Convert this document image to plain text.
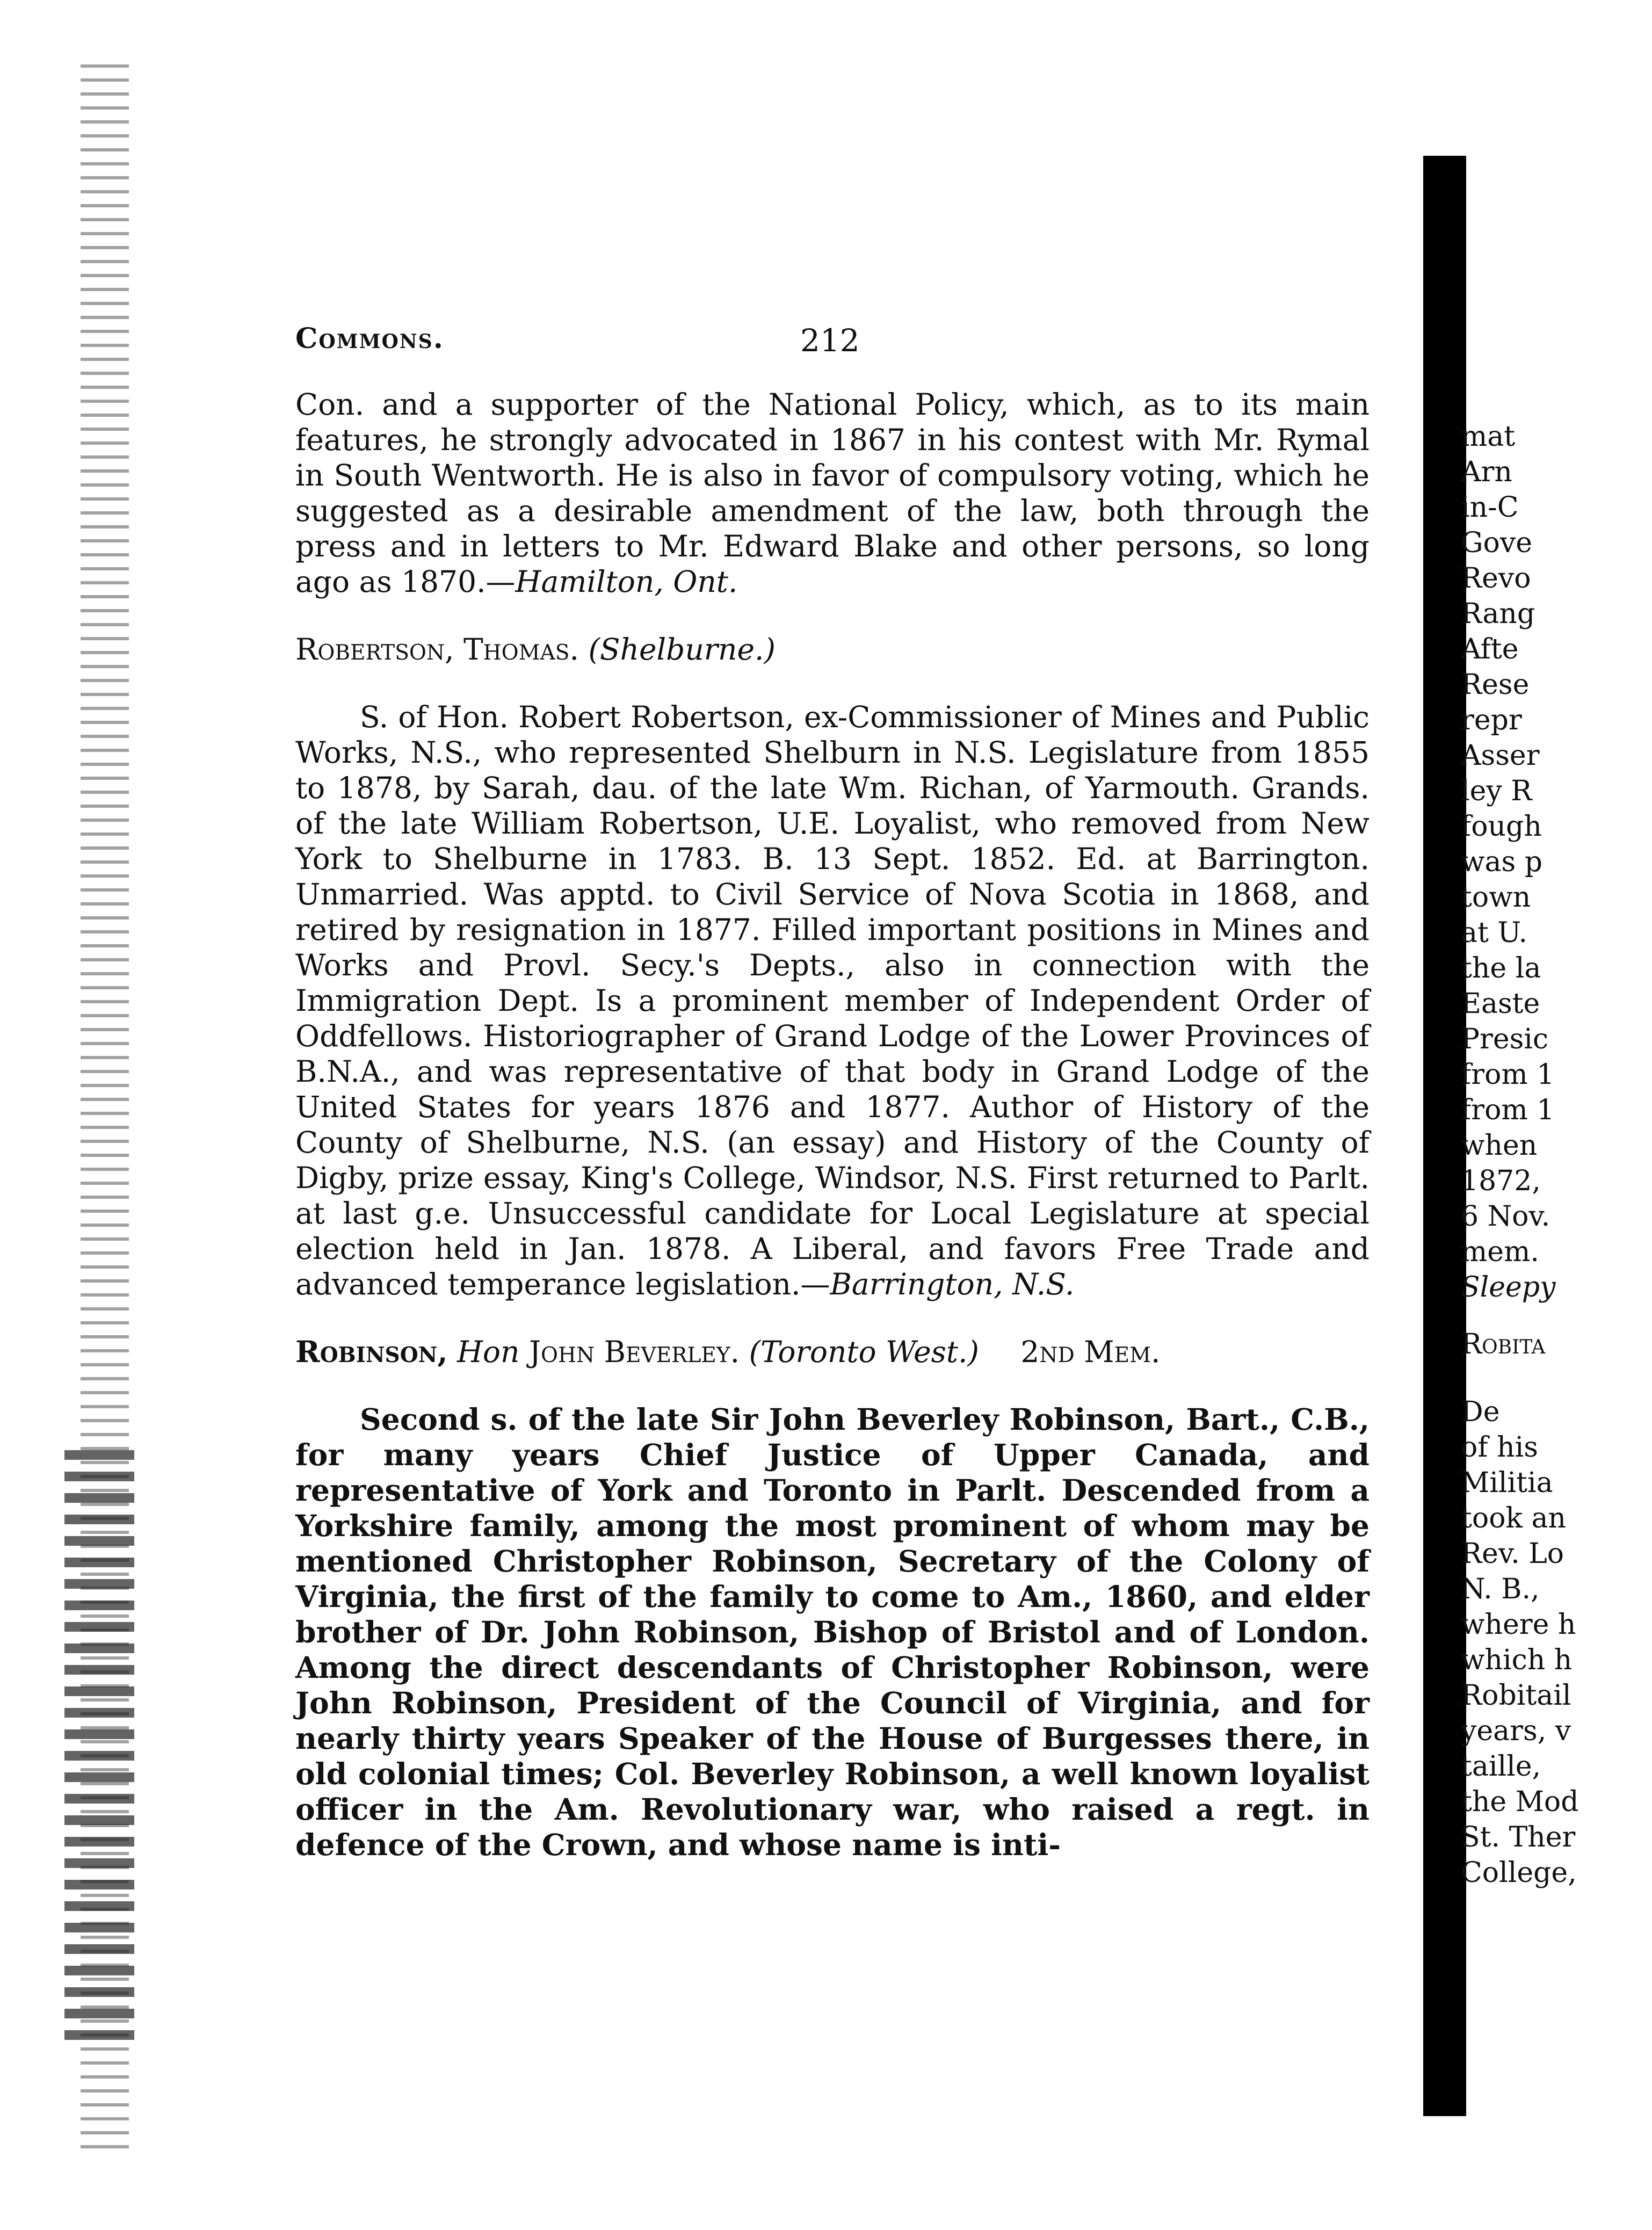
Commons.	212

Con. and a supporter of the National Policy, which, as to its main features, he strongly advocated in 1867 in his contest with Mr. Rymal in South Wentworth. He is also in favor of compulsory voting, which he suggested as a desirable amendment of the law, both through the press and in letters to Mr. Edward Blake and other persons, so long ago as 1870.—Hamilton, Ont.

Robertson, Thomas. (Shelburne.)

S. of Hon. Robert Robertson, ex-Commissioner of Mines and Public Works, N.S., who represented Shelburn in N.S. Legislature from 1855 to 1878, by Sarah, dau. of the late Wm. Richan, of Yarmouth. Grands. of the late William Robertson, U.E. Loyalist, who removed from New York to Shelburne in 1783. B. 13 Sept. 1852. Ed. at Barrington. Unmarried. Was apptd. to Civil Service of Nova Scotia in 1868, and retired by resignation in 1877. Filled important positions in Mines and Works and Provl. Secy.'s Depts., also in connection with the Immigration Dept. Is a prominent member of Independent Order of Oddfellows. Historiographer of Grand Lodge of the Lower Provinces of B.N.A., and was representative of that body in Grand Lodge of the United States for years 1876 and 1877. Author of History of the County of Shelburne, N.S. (an essay) and History of the County of Digby, prize essay, King's College, Windsor, N.S. First returned to Parlt. at last g.e. Unsuccessful candidate for Local Legislature at special election held in Jan. 1878. A Liberal, and favors Free Trade and advanced temperance legislation.—Barrington, N.S.

Robinson, Hon John Beverley. (Toronto West.) 2nd Mem.

Second s. of the late Sir John Beverley Robinson, Bart., C.B., for many years Chief Justice of Upper Canada, and representative of York and Toronto in Parlt. Descended from a Yorkshire family, among the most prominent of whom may be mentioned Christopher Robinson, Secretary of the Colony of Virginia, the first of the family to come to Am., 1860, and elder brother of Dr. John Robinson, Bishop of Bristol and of London. Among the direct descendants of Christopher Robinson, were John Robinson, President of the Council of Virginia, and for nearly thirty years Speaker of the House of Burgesses there, in old colonial times; Col. Beverley Robinson, a well known loyalist officer in the Am. Revolutionary war, who raised a regt. in defence of the Crown, and whose name is inti-

mat
Arn
in-C
Gove
Revo
Rang
Afte
Rese
repr
Asser
ley R
fough
was p
town
at U.
the la
Easte
Presic
from 1
from 1
when
1872,
6 Nov.
mem.
Sleepy
Robita
De
of his
Militia
took an
Rev. Lo
N. B.,
where h
which h
Robitail
years, v
taille,
the Mod
St. Ther
College,
